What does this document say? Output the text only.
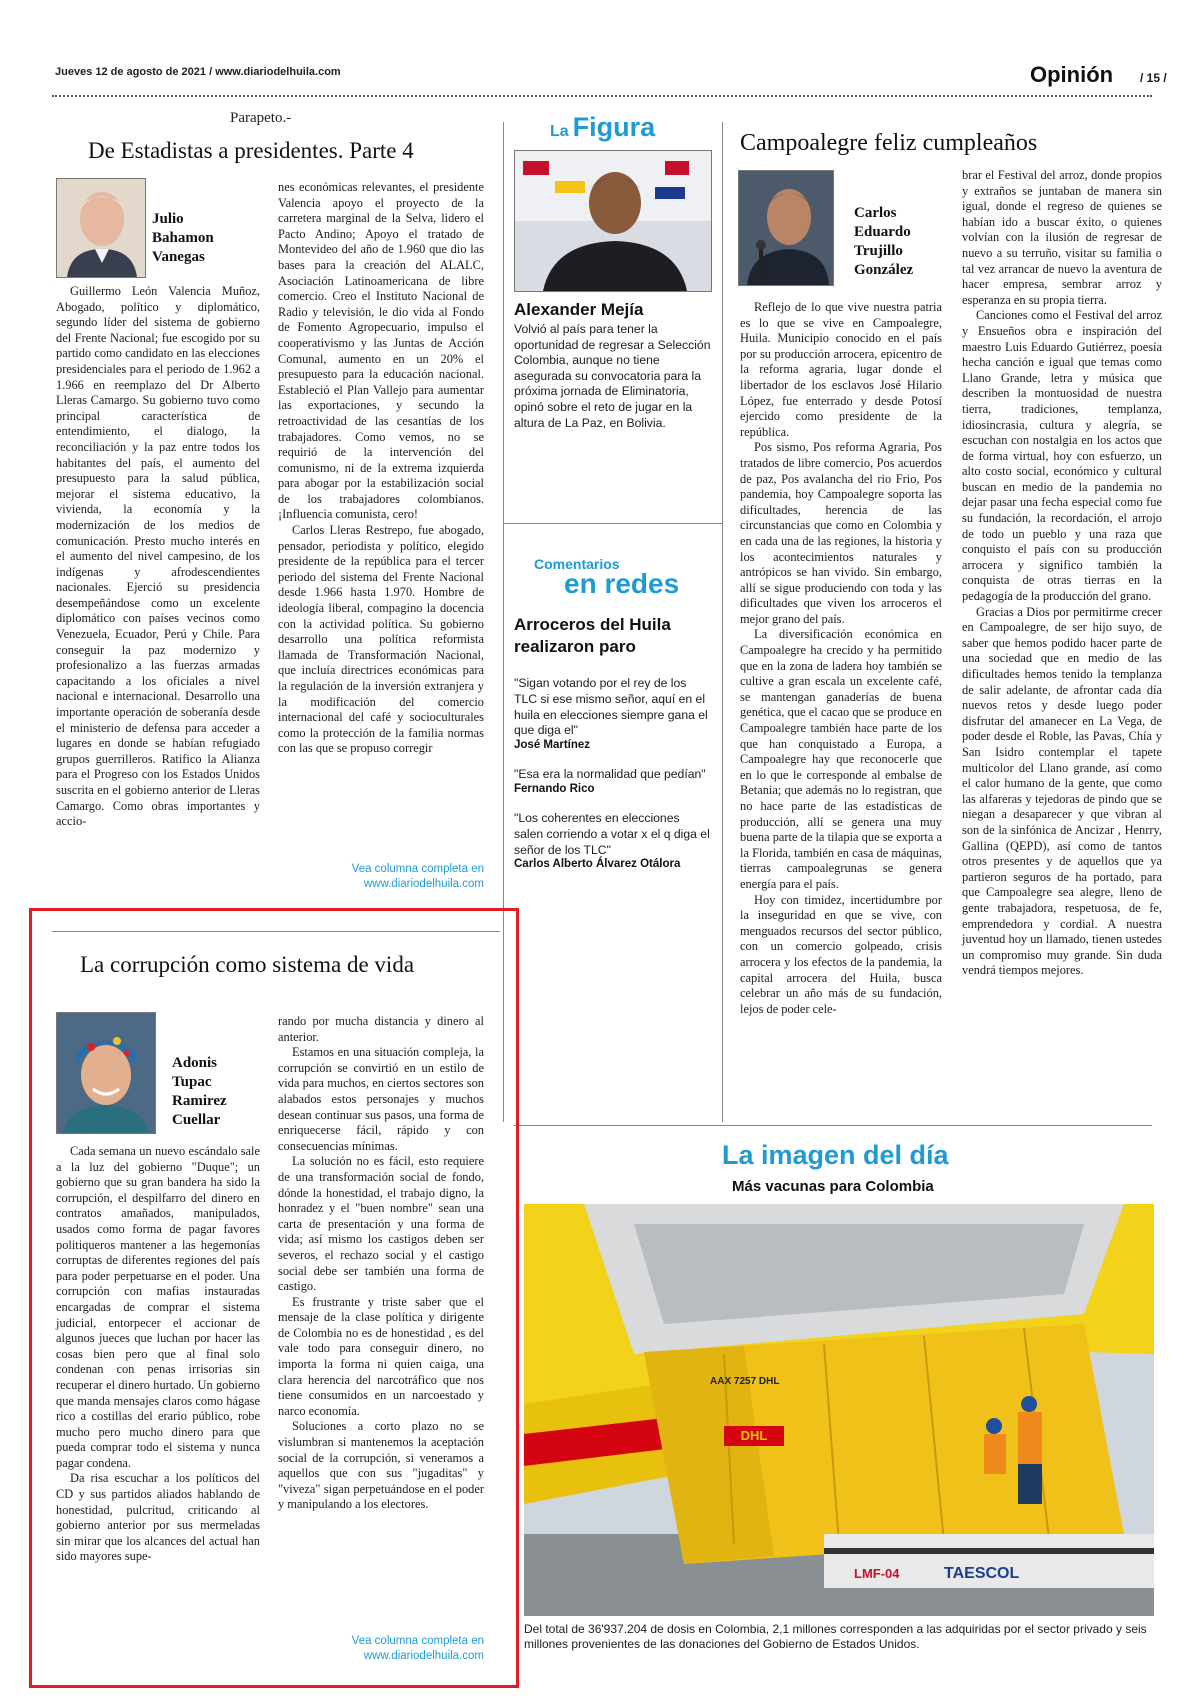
Jueves 12 de agosto de 2021 / www.diariodelhuila.com	Opinión / 15 /
Parapeto.-
De Estadistas a presidentes. Parte 4
Julio
Bahamon
Vanegas

Guillermo León Valencia Muñoz, Abogado, político y diplomático, segundo líder del sistema de gobierno del Frente Nacional; fue escogido por su partido como candidato en las elecciones presidenciales para el periodo de 1.962 a 1.966 en reemplazo del Dr Alberto Lleras Camargo. Su gobierno tuvo como principal característica de entendimiento, el dialogo, la reconciliación y la paz entre todos los habitantes del país, el aumento del presupuesto para la salud pública, mejorar el sistema educativo, la vivienda, la economía y la modernización de los medios de comunicación. Presto mucho interés en el aumento del nivel campesino, de los indígenas y afrodescendientes nacionales. Ejerció su presidencia desempeñándose como un excelente diplomático con países vecinos como Venezuela, Ecuador, Perú y Chile. Para conseguir la paz modernizo y profesionalizo a las fuerzas armadas capacitando a los oficiales a nivel nacional e internacional. Desarrollo una importante operación de soberanía desde el ministerio de defensa para acceder a lugares en donde se habían refugiado grupos guerrilleros. Ratifico la Alianza para el Progreso con los Estados Unidos suscrita en el gobierno anterior de Lleras Camargo. Como obras importantes y accio-

nes económicas relevantes, el presidente Valencia apoyo el proyecto de la carretera marginal de la Selva, lidero el Pacto Andino; Apoyo el tratado de Montevideo del año de 1.960 que dio las bases para la creación del ALALC, Asociación Latinoamericana de libre comercio. Creo el Instituto Nacional de Radio y televisión, le dio vida al Fondo de Fomento Agropecuario, impulso el cooperativismo y las Juntas de Acción Comunal, aumento en un 20% el presupuesto para la educación nacional. Estableció el Plan Vallejo para aumentar las exportaciones, y secundo la retroactividad de las cesantías de los trabajadores. Como vemos, no se requirió de la intervención del comunismo, ni de la extrema izquierda para abogar por la estabilización social de los trabajadores colombianos. ¡Influencia comunista, cero!

Carlos Lleras Restrepo, fue abogado, pensador, periodista y político, elegido presidente de la república para el tercer periodo del sistema del Frente Nacional desde 1.966 hasta 1.970. Hombre de ideología liberal, compagino la docencia con la actividad política. Su gobierno desarrollo una política reformista llamada de Transformación Nacional, que incluía directrices económicas para la regulación de la inversión extranjera y la modificación del comercio internacional del café y socioculturales como la protección de la familia normas con las que se propuso corregir

Vea columna completa en
www.diariodelhuila.com
La Figura
Alexander Mejía
Volvió al país para tener la oportunidad de regresar a Selección Colombia, aunque no tiene asegurada su convocatoria para la próxima jornada de Eliminatoria, opinó sobre el reto de jugar en la altura de La Paz, en Bolivia.
Comentarios
en redes
Arroceros del Huila realizaron paro
"Sigan votando por el rey de los TLC si ese mismo señor, aquí en el huila en elecciones siempre gana el que diga el"
José Martínez
"Esa era la normalidad que pedían"
Fernando Rico
"Los coherentes en elecciones salen corriendo a votar x el q diga el señor de los TLC"
Carlos Alberto Álvarez Otálora
Campoalegre feliz cumpleaños
Carlos
Eduardo
Trujillo
González

Reflejo de lo que vive nuestra patria es lo que se vive en Campoalegre, Huila. Municipio conocido en el país por su producción arrocera, epicentro de la reforma agraria, lugar donde el libertador de los esclavos José Hilario López, fue enterrado y desde Potosí ejercido como presidente de la república.

Pos sismo, Pos reforma Agraria, Pos tratados de libre comercio, Pos acuerdos de paz, Pos avalancha del rio Frio, Pos pandemia, hoy Campoalegre soporta las dificultades, herencia de las circunstancias que como en Colombia y en cada una de las regiones, la historia y los acontecimientos naturales y antrópicos se han vivido. Sin embargo, allí se sigue produciendo con toda y las dificultades que viven los arroceros el mejor grano del país.

La diversificación económica en Campoalegre ha crecido y ha permitido que en la zona de ladera hoy también se cultive a gran escala un excelente café, se mantengan ganaderías de buena genética, que el cacao que se produce en Campoalegre también hace parte de los que han conquistado a Europa, a Campoalegre hay que reconocerle que en lo que le corresponde al embalse de Betania; que además no lo registran, que no hace parte de las estadísticas de producción, allí se genera una muy buena parte de la tilapia que se exporta a la Florida, también en casa de máquinas, tierras campoalegrunas se genera energía para el país.

Hoy con timidez, incertidumbre por la inseguridad en que se vive, con menguados recursos del sector público, con un comercio golpeado, crisis arrocera y los efectos de la pandemia, la capital arrocera del Huila, busca celebrar un año más de su fundación, lejos de poder cele-

brar el Festival del arroz, donde propios y extraños se juntaban de manera sin igual, donde el regreso de quienes se habían ido a buscar éxito, o quienes volvían con la ilusión de regresar de nuevo a su terruño, visitar su familia o tal vez arrancar de nuevo la aventura de hacer empresa, sembrar arroz y esperanza en su propia tierra.

Canciones como el Festival del arroz y Ensueños obra e inspiración del maestro Luis Eduardo Gutiérrez, poesía hecha canción e igual que temas como Llano Grande, letra y música que describen la montuosidad de nuestra tierra, tradiciones, templanza, idiosincrasia, cultura y alegría, se escuchan con nostalgia en los actos que de forma virtual, hoy con esfuerzo, un alto costo social, económico y cultural buscan en medio de la pandemia no dejar pasar una fecha especial como fue su fundación, la recordación, el arrojo de todo un pueblo y una raza que conquisto el país con su producción arrocera y significo también la conquista de otras tierras en la pedagogía de la producción del grano.

Gracias a Dios por permitirme crecer en Campoalegre, de ser hijo suyo, de saber que hemos podido hacer parte de una sociedad que en medio de las dificultades hemos tenido la templanza de salir adelante, de afrontar cada día nuevos retos y desde luego poder disfrutar del amanecer en La Vega, de poder desde el Roble, las Pavas, Chía y San Isidro contemplar el tapete multicolor del Llano grande, así como el calor humano de la gente, que como las alfareras y tejedoras de pindo que se niegan a desaparecer y que vibran al son de la sinfónica de Ancizar , Henrry, Gallina (QEPD), así como de tantos otros presentes y de aquellos que ya partieron seguros de ha portado, para que Campoalegre sea alegre, lleno de gente trabajadora, respetuosa, de fe, emprendedora y cordial. A nuestra juventud hoy un llamado, tienen ustedes un compromiso muy grande. Sin duda vendrá tiempos mejores.

La corrupción como sistema de vida
Adonis
Tupac
Ramirez
Cuellar

Cada semana un nuevo escándalo sale a la luz del gobierno "Duque"; un gobierno que su gran bandera ha sido la corrupción, el despilfarro del dinero en contratos amañados, manipulados, usados como forma de pagar favores politiqueros mantener a las hegemonías corruptas de diferentes regiones del país para poder perpetuarse en el poder. Una corrupción con mafias instauradas encargadas de comprar el sistema judicial, entorpecer el accionar de algunos jueces que luchan por hacer las cosas bien pero que al final solo condenan con penas irrisorias sin recuperar el dinero hurtado. Un gobierno que manda mensajes claros como hágase rico a costillas del erario público, robe mucho pero mucho dinero para que pueda comprar todo el sistema y nunca pagar condena.

Da risa escuchar a los políticos del CD y sus partidos aliados hablando de honestidad, pulcritud, criticando al gobierno anterior por sus mermeladas sin mirar que los alcances del actual han sido mayores supe-

rando por mucha distancia y dinero al anterior.

Estamos en una situación compleja, la corrupción se convirtió en un estilo de vida para muchos, en ciertos sectores son alabados estos personajes y muchos desean continuar sus pasos, una forma de enriquecerse fácil, rápido y con consecuencias mínimas.

La solución no es fácil, esto requiere de una transformación social de fondo, dónde la honestidad, el trabajo digno, la honradez y el "buen nombre" sean una carta de presentación y una forma de vida; así mismo los castigos deben ser severos, el rechazo social y el castigo social debe ser también una forma de castigo.

Es frustrante y triste saber que el mensaje de la clase política y dirigente de Colombia no es de honestidad , es del vale todo para conseguir dinero, no importa la forma ni quien caiga, una clara herencia del narcotráfico que nos tiene consumidos en un narcoestado y narco economía.

Soluciones a corto plazo no se vislumbran si mantenemos la aceptación social de la corrupción, si veneramos a aquellos que con sus "jugaditas" y "viveza" sigan perpetuándose en el poder y manipulando a los electores.

Vea columna completa en
www.diariodelhuila.com
La imagen del día
Más vacunas para Colombia
DHL
AAX 7257 DHL
TAESCOL
LMF-04
Del total de 36'937.204 de dosis en Colombia, 2,1 millones corresponden a las adquiridas por el sector privado y seis millones provenientes de las donaciones del Gobierno de Estados Unidos.
